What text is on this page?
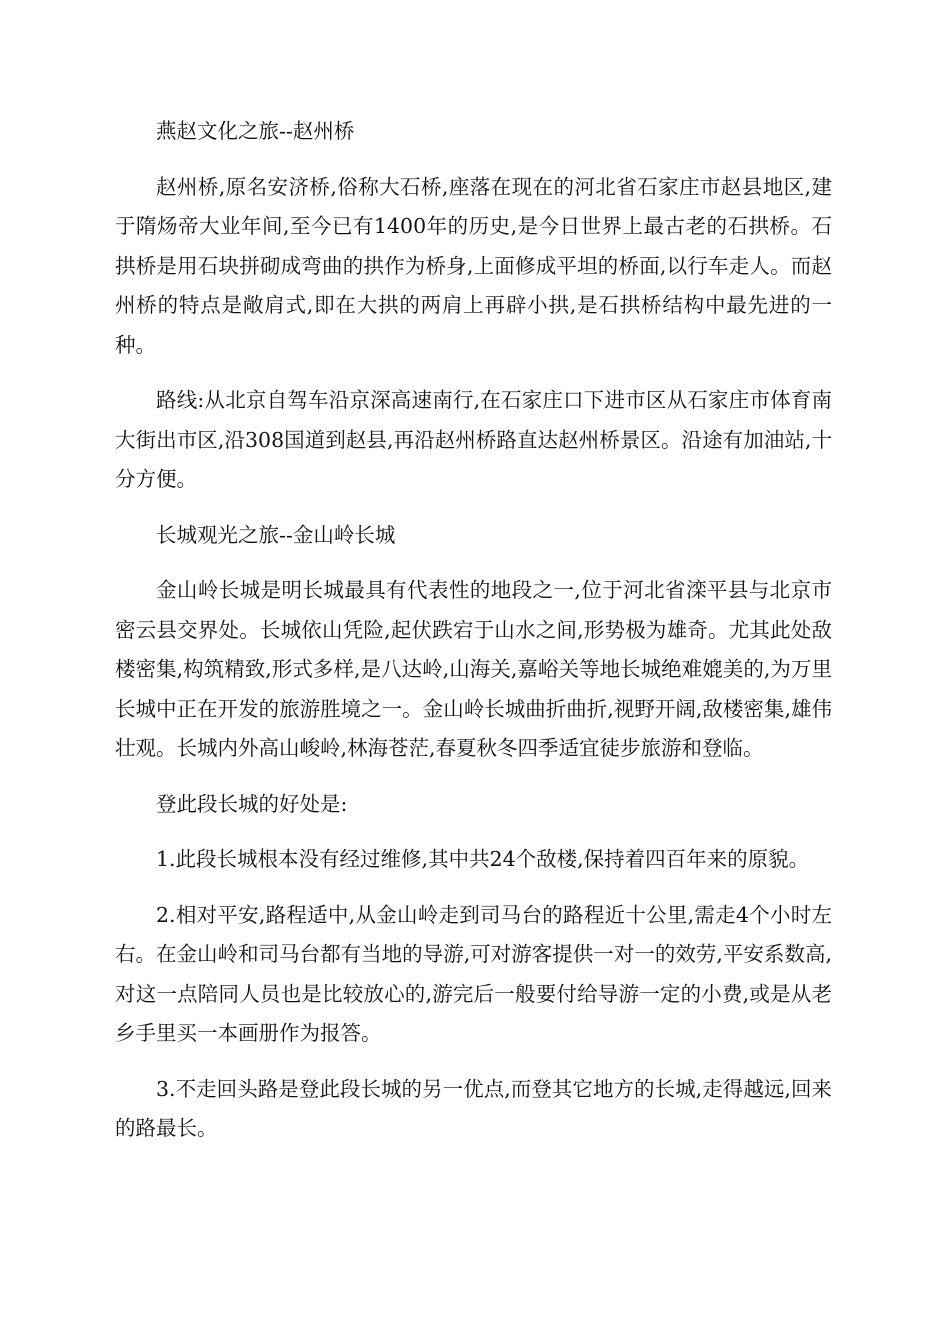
燕赵文化之旅--赵州桥

赵州桥,原名安济桥,俗称大石桥,座落在现在的河北省石家庄市赵县地区,建于隋炀帝大业年间,至今已有1400年的历史,是今日世界上最古老的石拱桥。石拱桥是用石块拼砌成弯曲的拱作为桥身,上面修成平坦的桥面,以行车走人。而赵州桥的特点是敞肩式,即在大拱的两肩上再辟小拱,是石拱桥结构中最先进的一种。

路线:从北京自驾车沿京深高速南行,在石家庄口下进市区从石家庄市体育南大街出市区,沿308国道到赵县,再沿赵州桥路直达赵州桥景区。沿途有加油站,十分方便。

长城观光之旅--金山岭长城

金山岭长城是明长城最具有代表性的地段之一,位于河北省滦平县与北京市密云县交界处。长城依山凭险,起伏跌宕于山水之间,形势极为雄奇。尤其此处敌楼密集,构筑精致,形式多样,是八达岭,山海关,嘉峪关等地长城绝难媲美的,为万里长城中正在开发的旅游胜境之一。金山岭长城曲折曲折,视野开阔,敌楼密集,雄伟壮观。长城内外高山峻岭,林海苍茫,春夏秋冬四季适宜徒步旅游和登临。

登此段长城的好处是:

1.此段长城根本没有经过维修,其中共24个敌楼,保持着四百年来的原貌。

2.相对平安,路程适中,从金山岭走到司马台的路程近十公里,需走4个小时左右。在金山岭和司马台都有当地的导游,可对游客提供一对一的效劳,平安系数高,对这一点陪同人员也是比较放心的,游完后一般要付给导游一定的小费,或是从老乡手里买一本画册作为报答。

3.不走回头路是登此段长城的另一优点,而登其它地方的长城,走得越远,回来的路最长。
